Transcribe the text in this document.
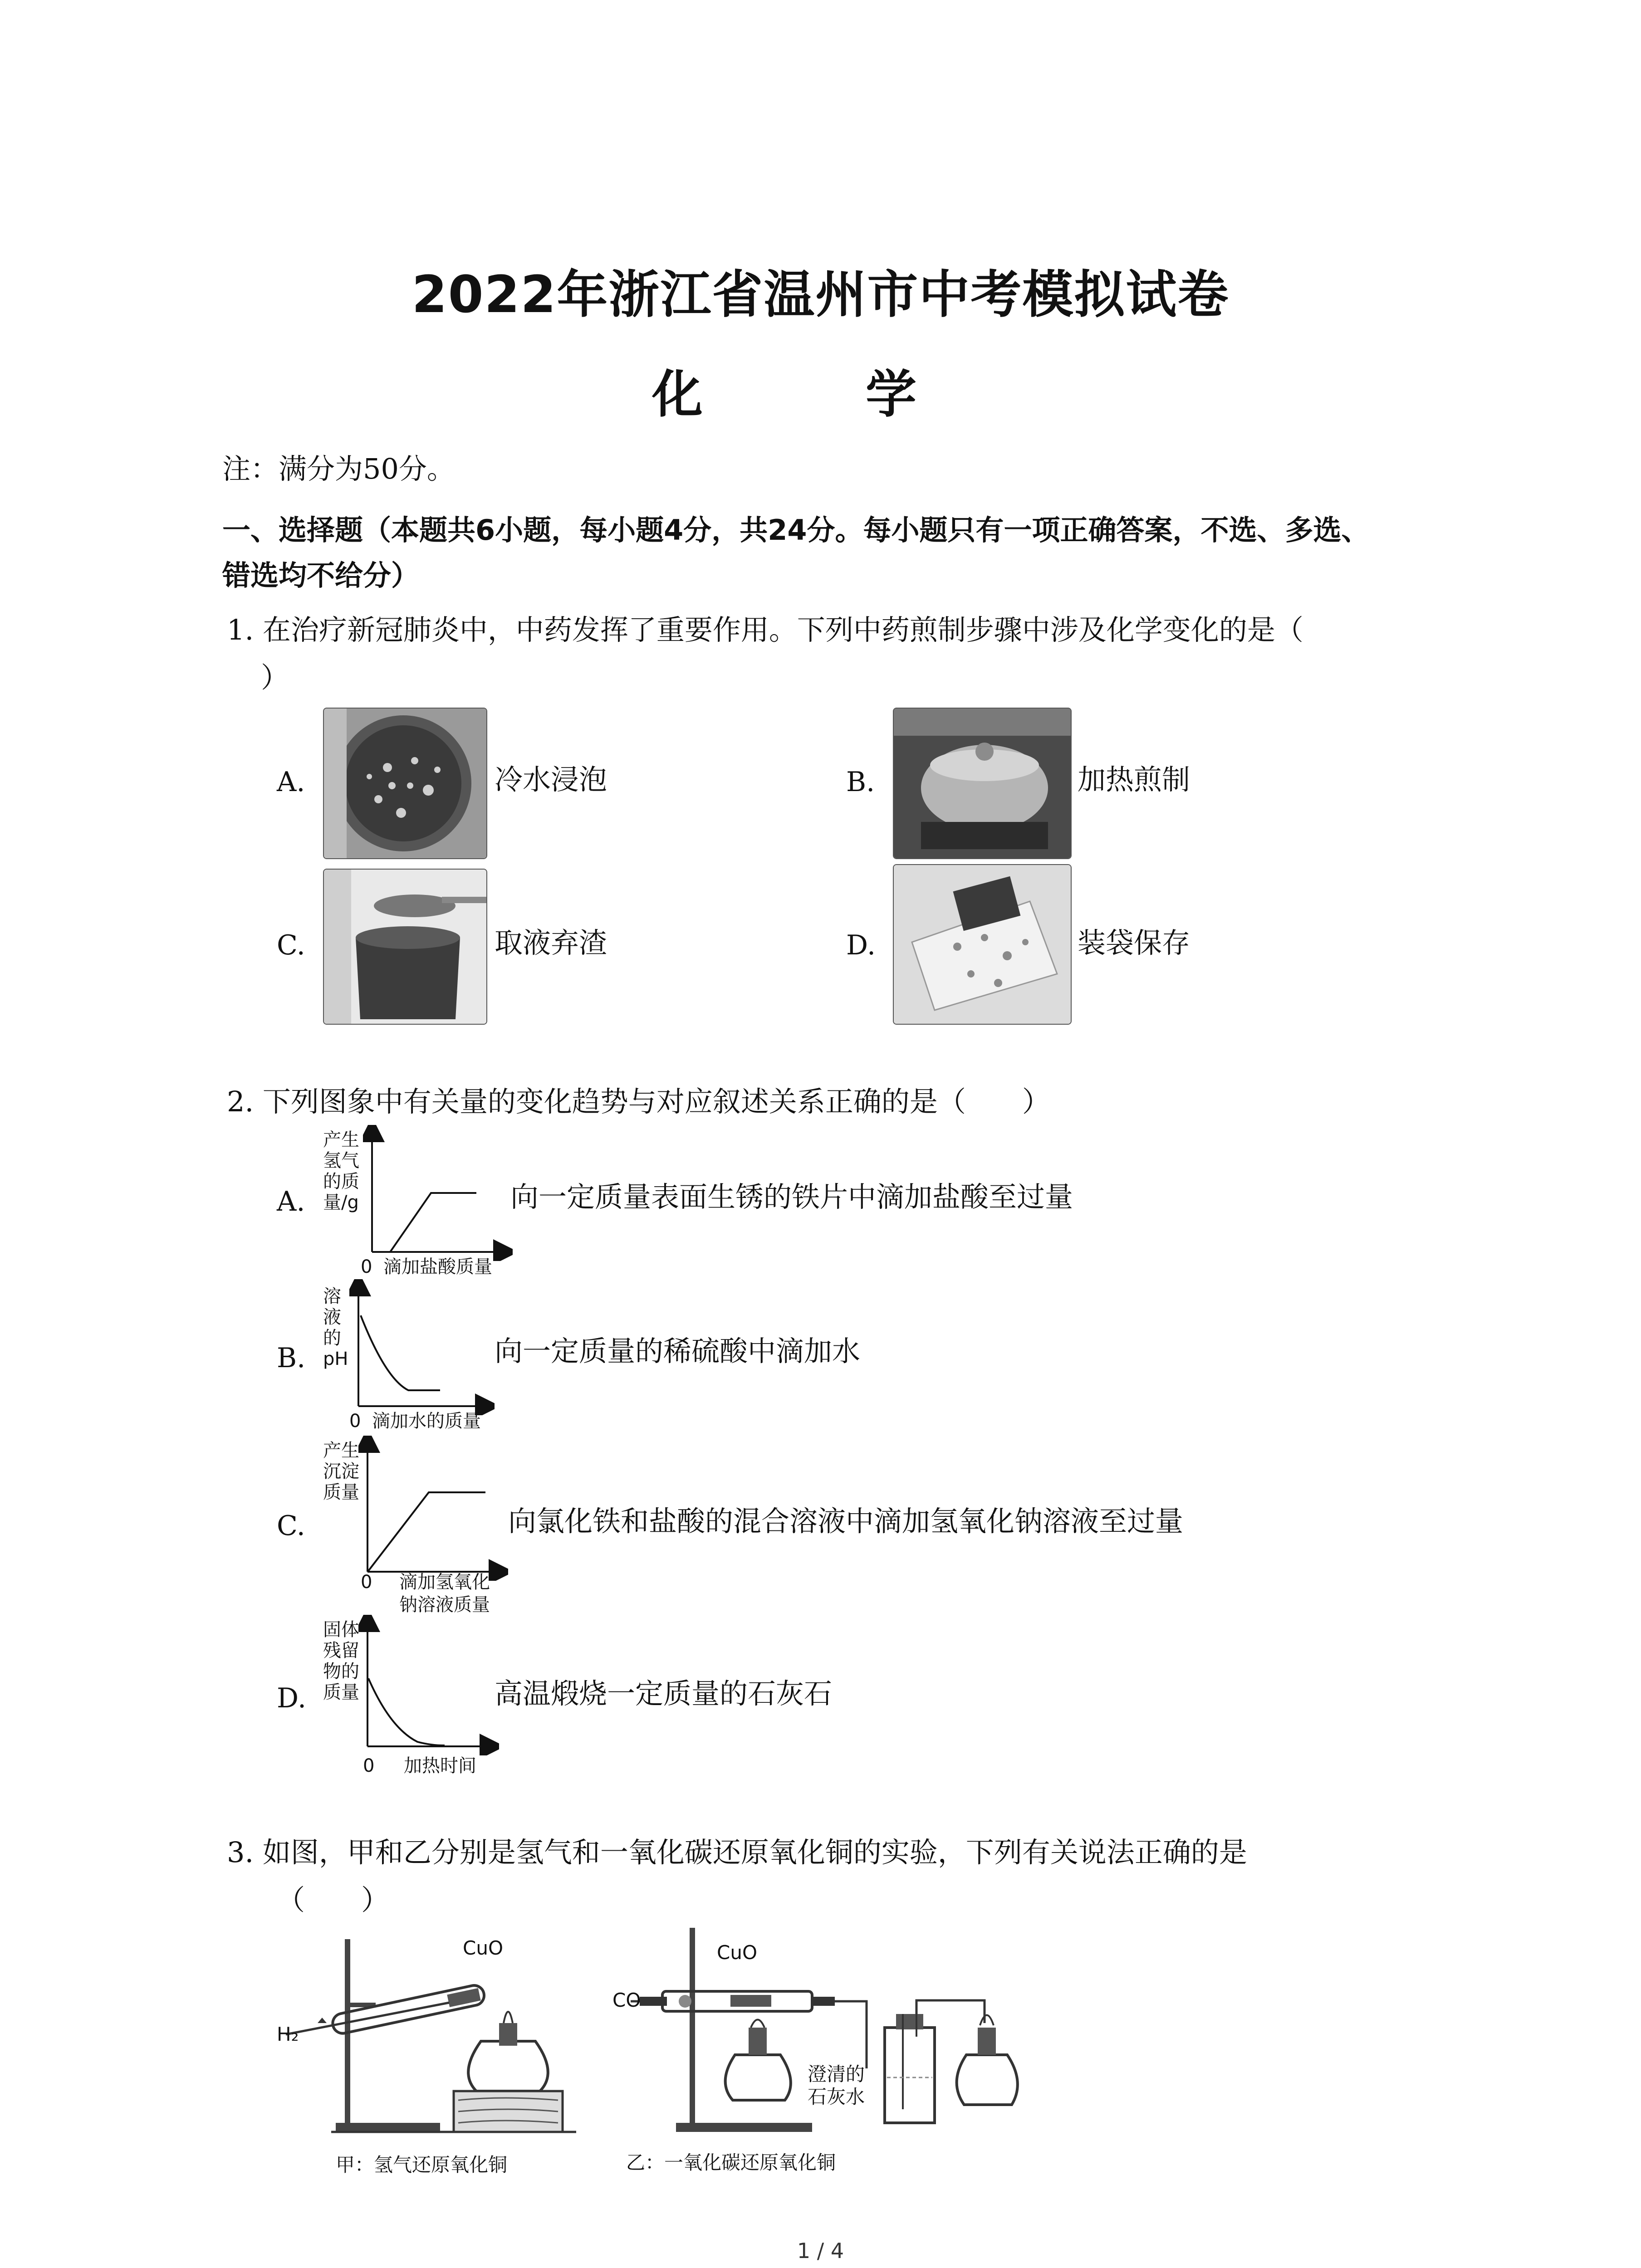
2022年浙江省温州市中考模拟试卷
化 学
注：满分为50分。
一、选择题（本题共6小题，每小题4分，共24分。每小题只有一项正确答案，不选、多选、
错选均不给分）
1. 在治疗新冠肺炎中，中药发挥了重要作用。下列中药煎制步骤中涉及化学变化的是（
）
A.	冷水浸泡	B.	加热煎制
C.	取液弃渣	D.	装袋保存
2. 下列图象中有关量的变化趋势与对应叙述关系正确的是（　　）
A.
产生
氢气
的质
量/g
0 滴加盐酸质量
向一定质量表面生锈的铁片中滴加盐酸至过量
B.
溶
液
的
pH
0 滴加水的质量
向一定质量的稀硫酸中滴加水
C.
产生
沉淀
质量
0 滴加氢氧化
钠溶液质量
向氯化铁和盐酸的混合溶液中滴加氢氧化钠溶液至过量
D.
固体
残留
物的
质量
0 加热时间
高温煅烧一定质量的石灰石
3. 如图，甲和乙分别是氢气和一氧化碳还原氧化铜的实验，下列有关说法正确的是
（　　）
H₂
CuO
甲：氢气还原氧化铜
CO
CuO
澄清的
石灰水
乙：一氧化碳还原氧化铜
1 / 4
